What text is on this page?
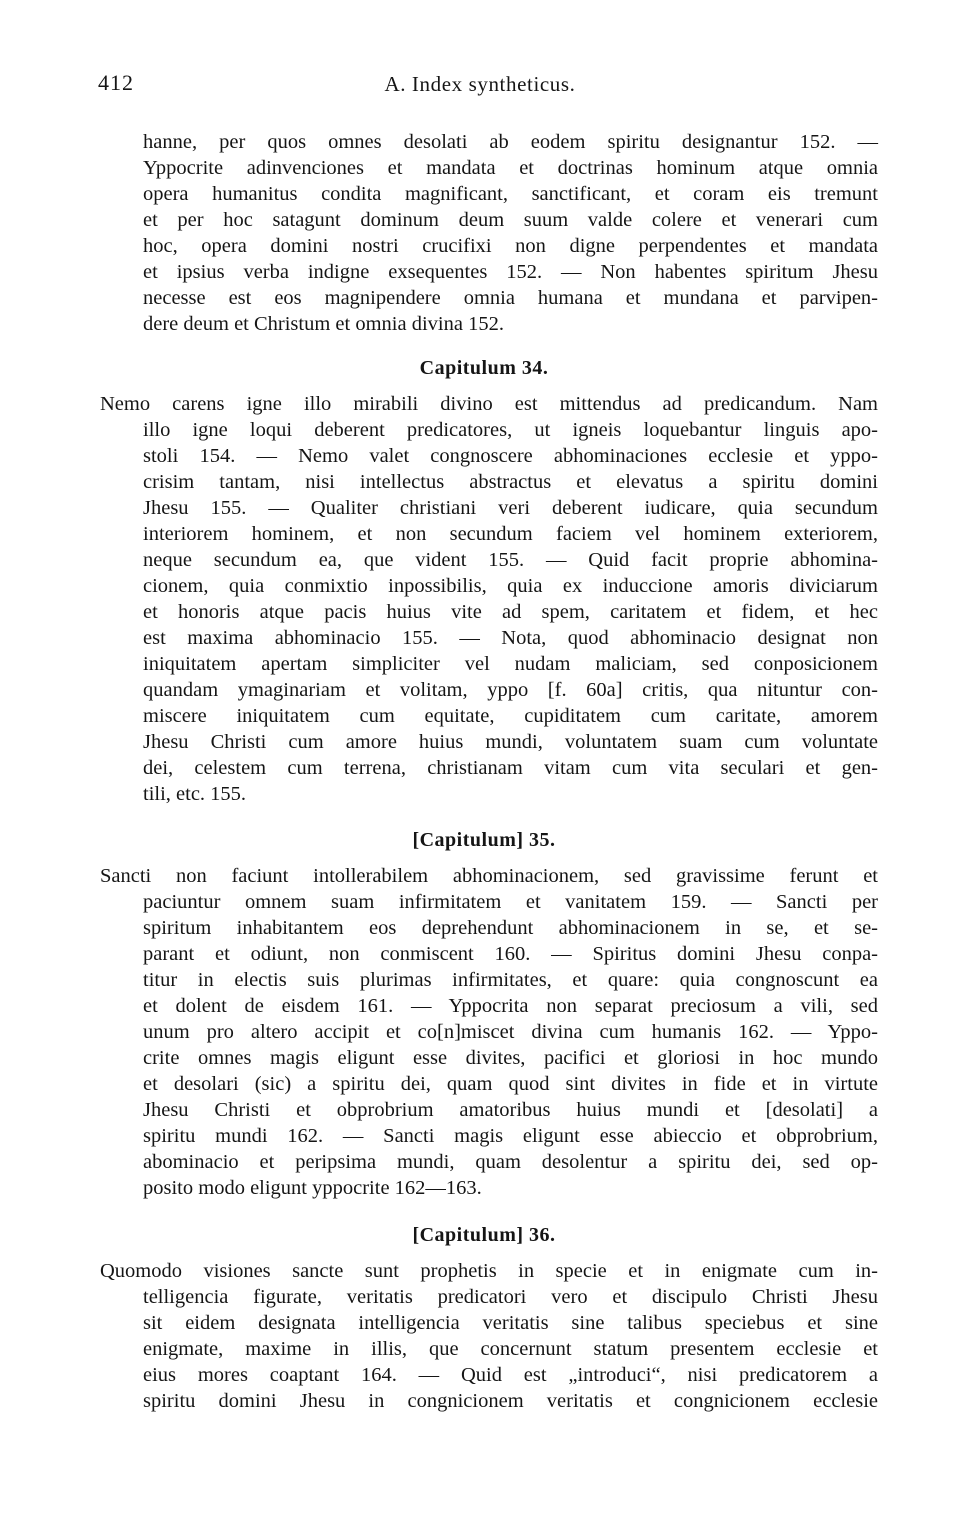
412	A. Index syntheticus.
hanne, per quos omnes desolati ab eodem spiritu designantur 152. —
Yppocrite adinvenciones et mandata et doctrinas hominum atque omnia
opera humanitus condita magnificant, sanctificant, et coram eis tremunt
et per hoc satagunt dominum deum suum valde colere et venerari cum
hoc, opera domini nostri crucifixi non digne perpendentes et mandata
et ipsius verba indigne exsequentes 152. — Non habentes spiritum Jhesu
necesse est eos magnipendere omnia humana et mundana et parvipen-
dere deum et Christum et omnia divina 152.
Capitulum 34.
Nemo carens igne illo mirabili divino est mittendus ad predicandum. Nam
illo igne loqui deberent predicatores, ut igneis loquebantur linguis apo-
stoli 154. — Nemo valet congnoscere abhominaciones ecclesie et yppo-
crisim tantam, nisi intellectus abstractus et elevatus a spiritu domini
Jhesu 155. — Qualiter christiani veri deberent iudicare, quia secundum
interiorem hominem, et non secundum faciem vel hominem exteriorem,
neque secundum ea, que vident 155. — Quid facit proprie abhomina-
cionem, quia conmixtio inpossibilis, quia ex induccione amoris diviciarum
et honoris atque pacis huius vite ad spem, caritatem et fidem, et hec
est maxima abhominacio 155. — Nota, quod abhominacio designat non
iniquitatem apertam simpliciter vel nudam maliciam, sed conposicionem
quandam ymaginariam et volitam, yppo [f. 60a] critis, qua nituntur con-
miscere iniquitatem cum equitate, cupiditatem cum caritate, amorem
Jhesu Christi cum amore huius mundi, voluntatem suam cum voluntate
dei, celestem cum terrena, christianam vitam cum vita seculari et gen-
tili, etc. 155.
[Capitulum] 35.
Sancti non faciunt intollerabilem abhominacionem, sed gravissime ferunt et
paciuntur omnem suam infirmitatem et vanitatem 159. — Sancti per
spiritum inhabitantem eos deprehendunt abhominacionem in se, et se-
parant et odiunt, non conmiscent 160. — Spiritus domini Jhesu conpa-
titur in electis suis plurimas infirmitates, et quare: quia congnoscunt ea
et dolent de eisdem 161. — Yppocrita non separat preciosum a vili, sed
unum pro altero accipit et co[n]miscet divina cum humanis 162. — Yppo-
crite omnes magis eligunt esse divites, pacifici et gloriosi in hoc mundo
et desolari (sic) a spiritu dei, quam quod sint divites in fide et in virtute
Jhesu Christi et obprobrium amatoribus huius mundi et [desolati] a
spiritu mundi 162. — Sancti magis eligunt esse abieccio et obprobrium,
abominacio et peripsima mundi, quam desolentur a spiritu dei, sed op-
posito modo eligunt yppocrite 162—163.
[Capitulum] 36.
Quomodo visiones sancte sunt prophetis in specie et in enigmate cum in-
telligencia figurate, veritatis predicatori vero et discipulo Christi Jhesu
sit eidem designata intelligencia veritatis sine talibus speciebus et sine
enigmate, maxime in illis, que concernunt statum presentem ecclesie et
eius mores coaptant 164. — Quid est „introduci“, nisi predicatorem a
spiritu domini Jhesu in congnicionem veritatis et congnicionem ecclesie
